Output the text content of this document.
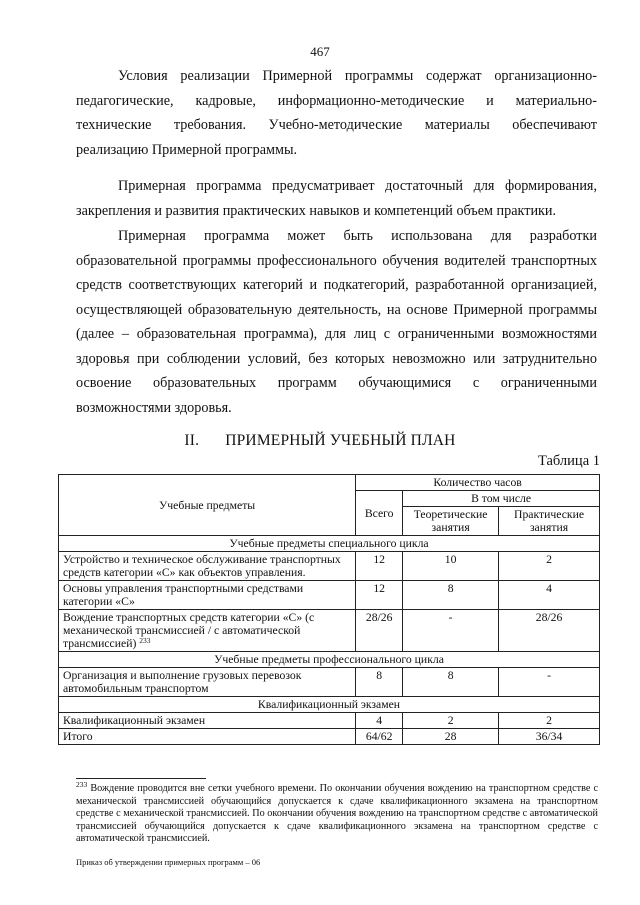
467

Условия реализации Примерной программы содержат организационно-педагогические, кадровые, информационно-методические и материально-технические требования. Учебно-методические материалы обеспечивают реализацию Примерной программы.

Примерная программа предусматривает достаточный для формирования, закрепления и развития практических навыков и компетенций объем практики.

Примерная программа может быть использована для разработки образовательной программы профессионального обучения водителей транспортных средств соответствующих категорий и подкатегорий, разработанной организацией, осуществляющей образовательную деятельность, на основе Примерной программы (далее – образовательная программа), для лиц с ограниченными возможностями здоровья при соблюдении условий, без которых невозможно или затруднительно освоение образовательных программ обучающимися с ограниченными возможностями здоровья.

II. ПРИМЕРНЫЙ УЧЕБНЫЙ ПЛАН
Таблица 1
Учебные предметы	Количество часов		
	Всего	В том числе	
		Теоретические занятия	Практические занятия
Учебные предметы специального цикла			
Устройство и техническое обслуживание транспортных средств категории «C» как объектов управления.	12	10	2
Основы управления транспортными средствами категории «C»	12	8	4
Вождение транспортных средств категории «C» (с механической трансмиссией / с автоматической трансмиссией) $^{233}$	28/26	-	28/26
Учебные предметы профессионального цикла			
Организация и выполнение грузовых перевозок автомобильным транспортом	8	8	-
Квалификационный экзамен			
Квалификационный экзамен	4	2	2
Итого	64/62	28	36/34

$^{233}$ Вождение проводится вне сетки учебного времени. По окончании обучения вождению на транспортном средстве с механической трансмиссией обучающийся допускается к сдаче квалификационного экзамена на транспортном средстве с механической трансмиссией. По окончании обучения вождению на транспортном средстве с автоматической трансмиссией обучающийся допускается к сдаче квалификационного экзамена на транспортном средстве с автоматической трансмиссией.

Приказ об утверждении примерных программ – 06
